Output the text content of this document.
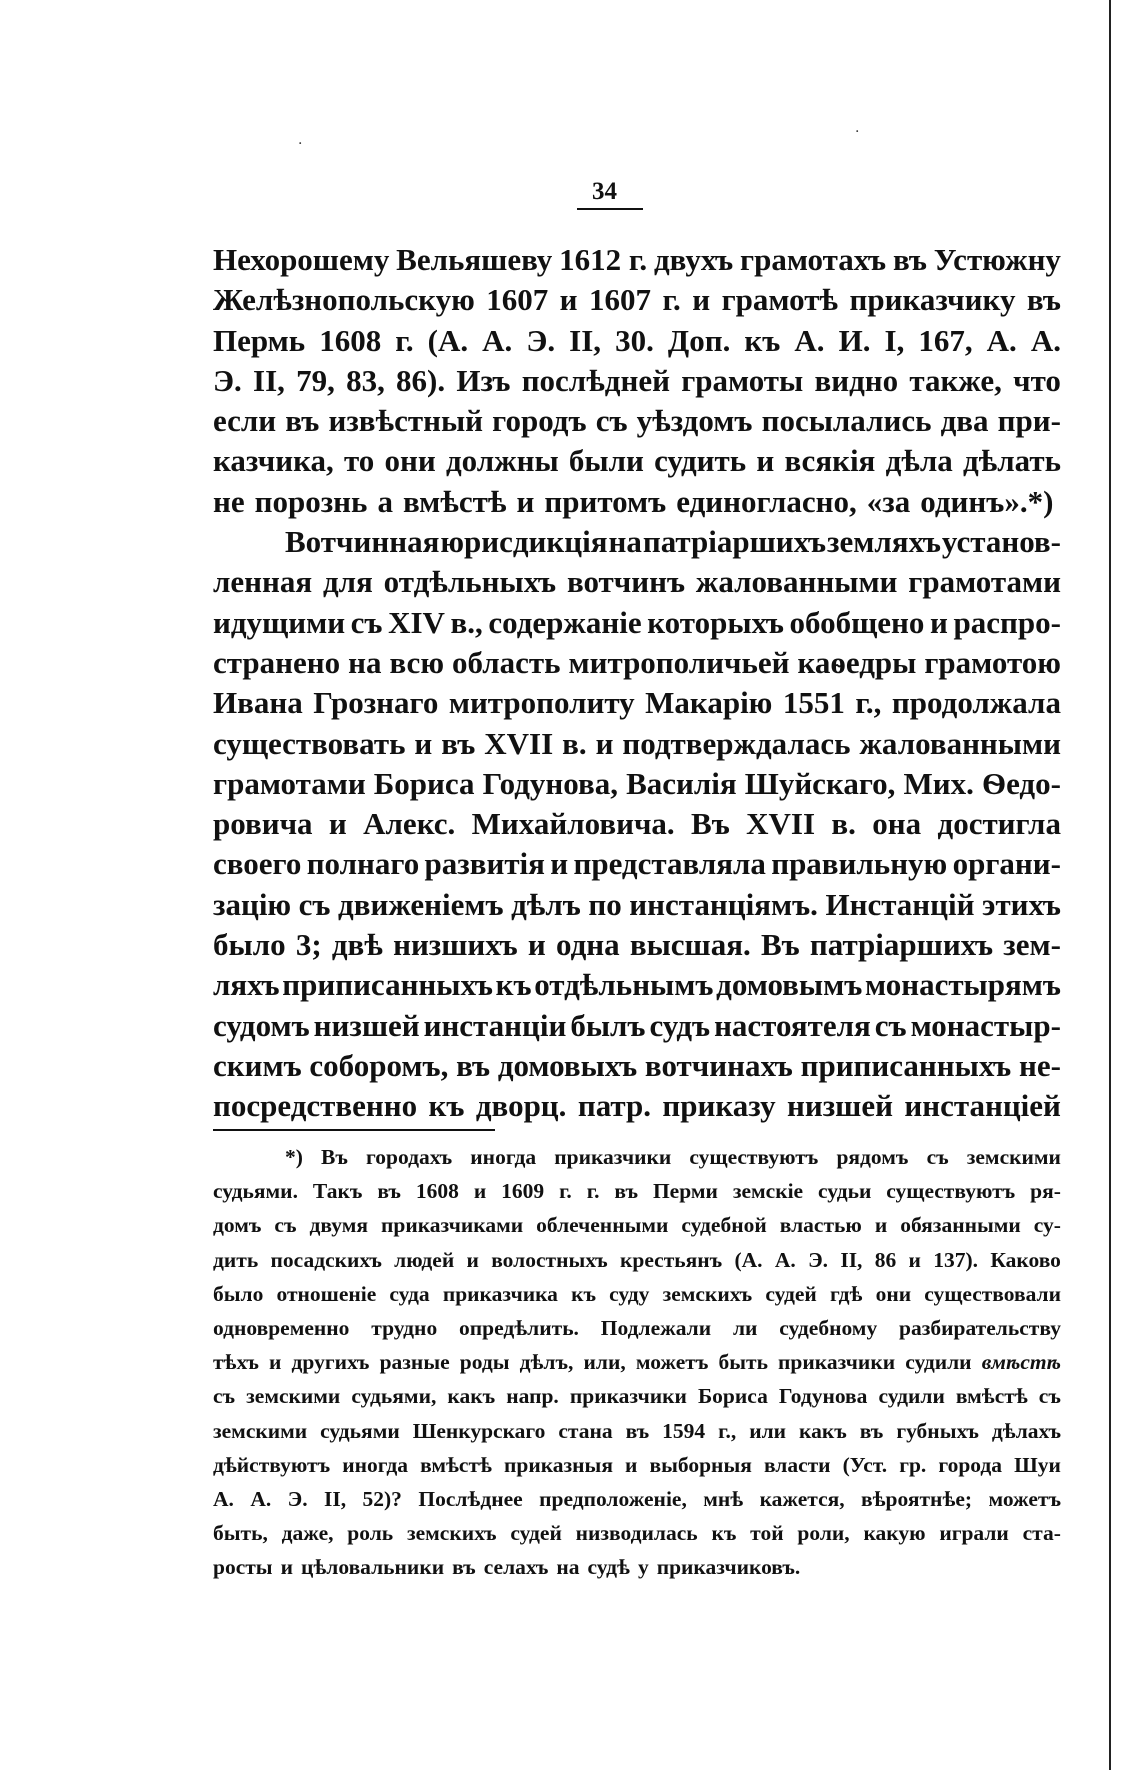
·
·
34
Нехорошему Вельяшеву 1612 г. двухъ грамотахъ въ Устюжну
Желѣзнопольскую 1607 и 1607 г. и грамотѣ приказчику въ
Пермь 1608 г. (А. А. Э. II, 30. Доп. къ А. И. I, 167, А. А.
Э. II, 79, 83, 86). Изъ послѣдней грамоты видно также, что
если въ извѣстный городъ съ уѣздомъ посылались два при-
казчика, то они должны были судить и всякія дѣла дѣлать
не порознь а вмѣстѣ и притомъ единогласно, «за одинъ».*)
Вотчинная юрисдикція на патріаршихъ земляхъ установ-
ленная для отдѣльныхъ вотчинъ жалованными грамотами
идущими съ XIV в., содержаніе которыхъ обобщено и распро-
странено на всю область митрополичьей каѳедры грамотою
Ивана Грознаго митрополиту Макарію 1551 г., продолжала
существовать и въ XVII в. и подтверждалась жалованными
грамотами Бориса Годунова, Василія Шуйскаго, Мих. Ѳедо-
ровича и Алекс. Михайловича. Въ XVII в. она достигла
своего полнаго развитія и представляла правильную органи-
зацію съ движеніемъ дѣлъ по инстанціямъ. Инстанцій этихъ
было 3; двѣ низшихъ и одна высшая. Въ патріаршихъ зем-
ляхъ приписанныхъ къ отдѣльнымъ домовымъ монастырямъ
судомъ низшей инстанціи былъ судъ настоятеля съ монастыр-
скимъ соборомъ, въ домовыхъ вотчинахъ приписанныхъ не-
посредственно къ дворц. патр. приказу низшей инстанціей
*) Въ городахъ иногда приказчики существуютъ рядомъ съ земскими
судьями. Такъ въ 1608 и 1609 г. г. въ Перми земскіе судьи существуютъ ря-
домъ съ двумя приказчиками облеченными судебной властью и обязанными су-
дить посадскихъ людей и волостныхъ крестьянъ (А. А. Э. II, 86 и 137). Каково
было отношеніе суда приказчика къ суду земскихъ судей гдѣ они существовали
одновременно трудно опредѣлить. Подлежали ли судебному разбирательству
тѣхъ и другихъ разные роды дѣлъ, или, можетъ быть приказчики судили вмѣстѣ
съ земскими судьями, какъ напр. приказчики Бориса Годунова судили вмѣстѣ съ
земскими судьями Шенкурскаго стана въ 1594 г., или какъ въ губныхъ дѣлахъ
дѣйствуютъ иногда вмѣстѣ приказныя и выборныя власти (Уст. гр. города Шуи
А. А. Э. II, 52)? Послѣднее предположеніе, мнѣ кажется, вѣроятнѣе; можетъ
быть, даже, роль земскихъ судей низводилась къ той роли, какую играли ста-
росты и цѣловальники въ селахъ на судѣ у приказчиковъ.
